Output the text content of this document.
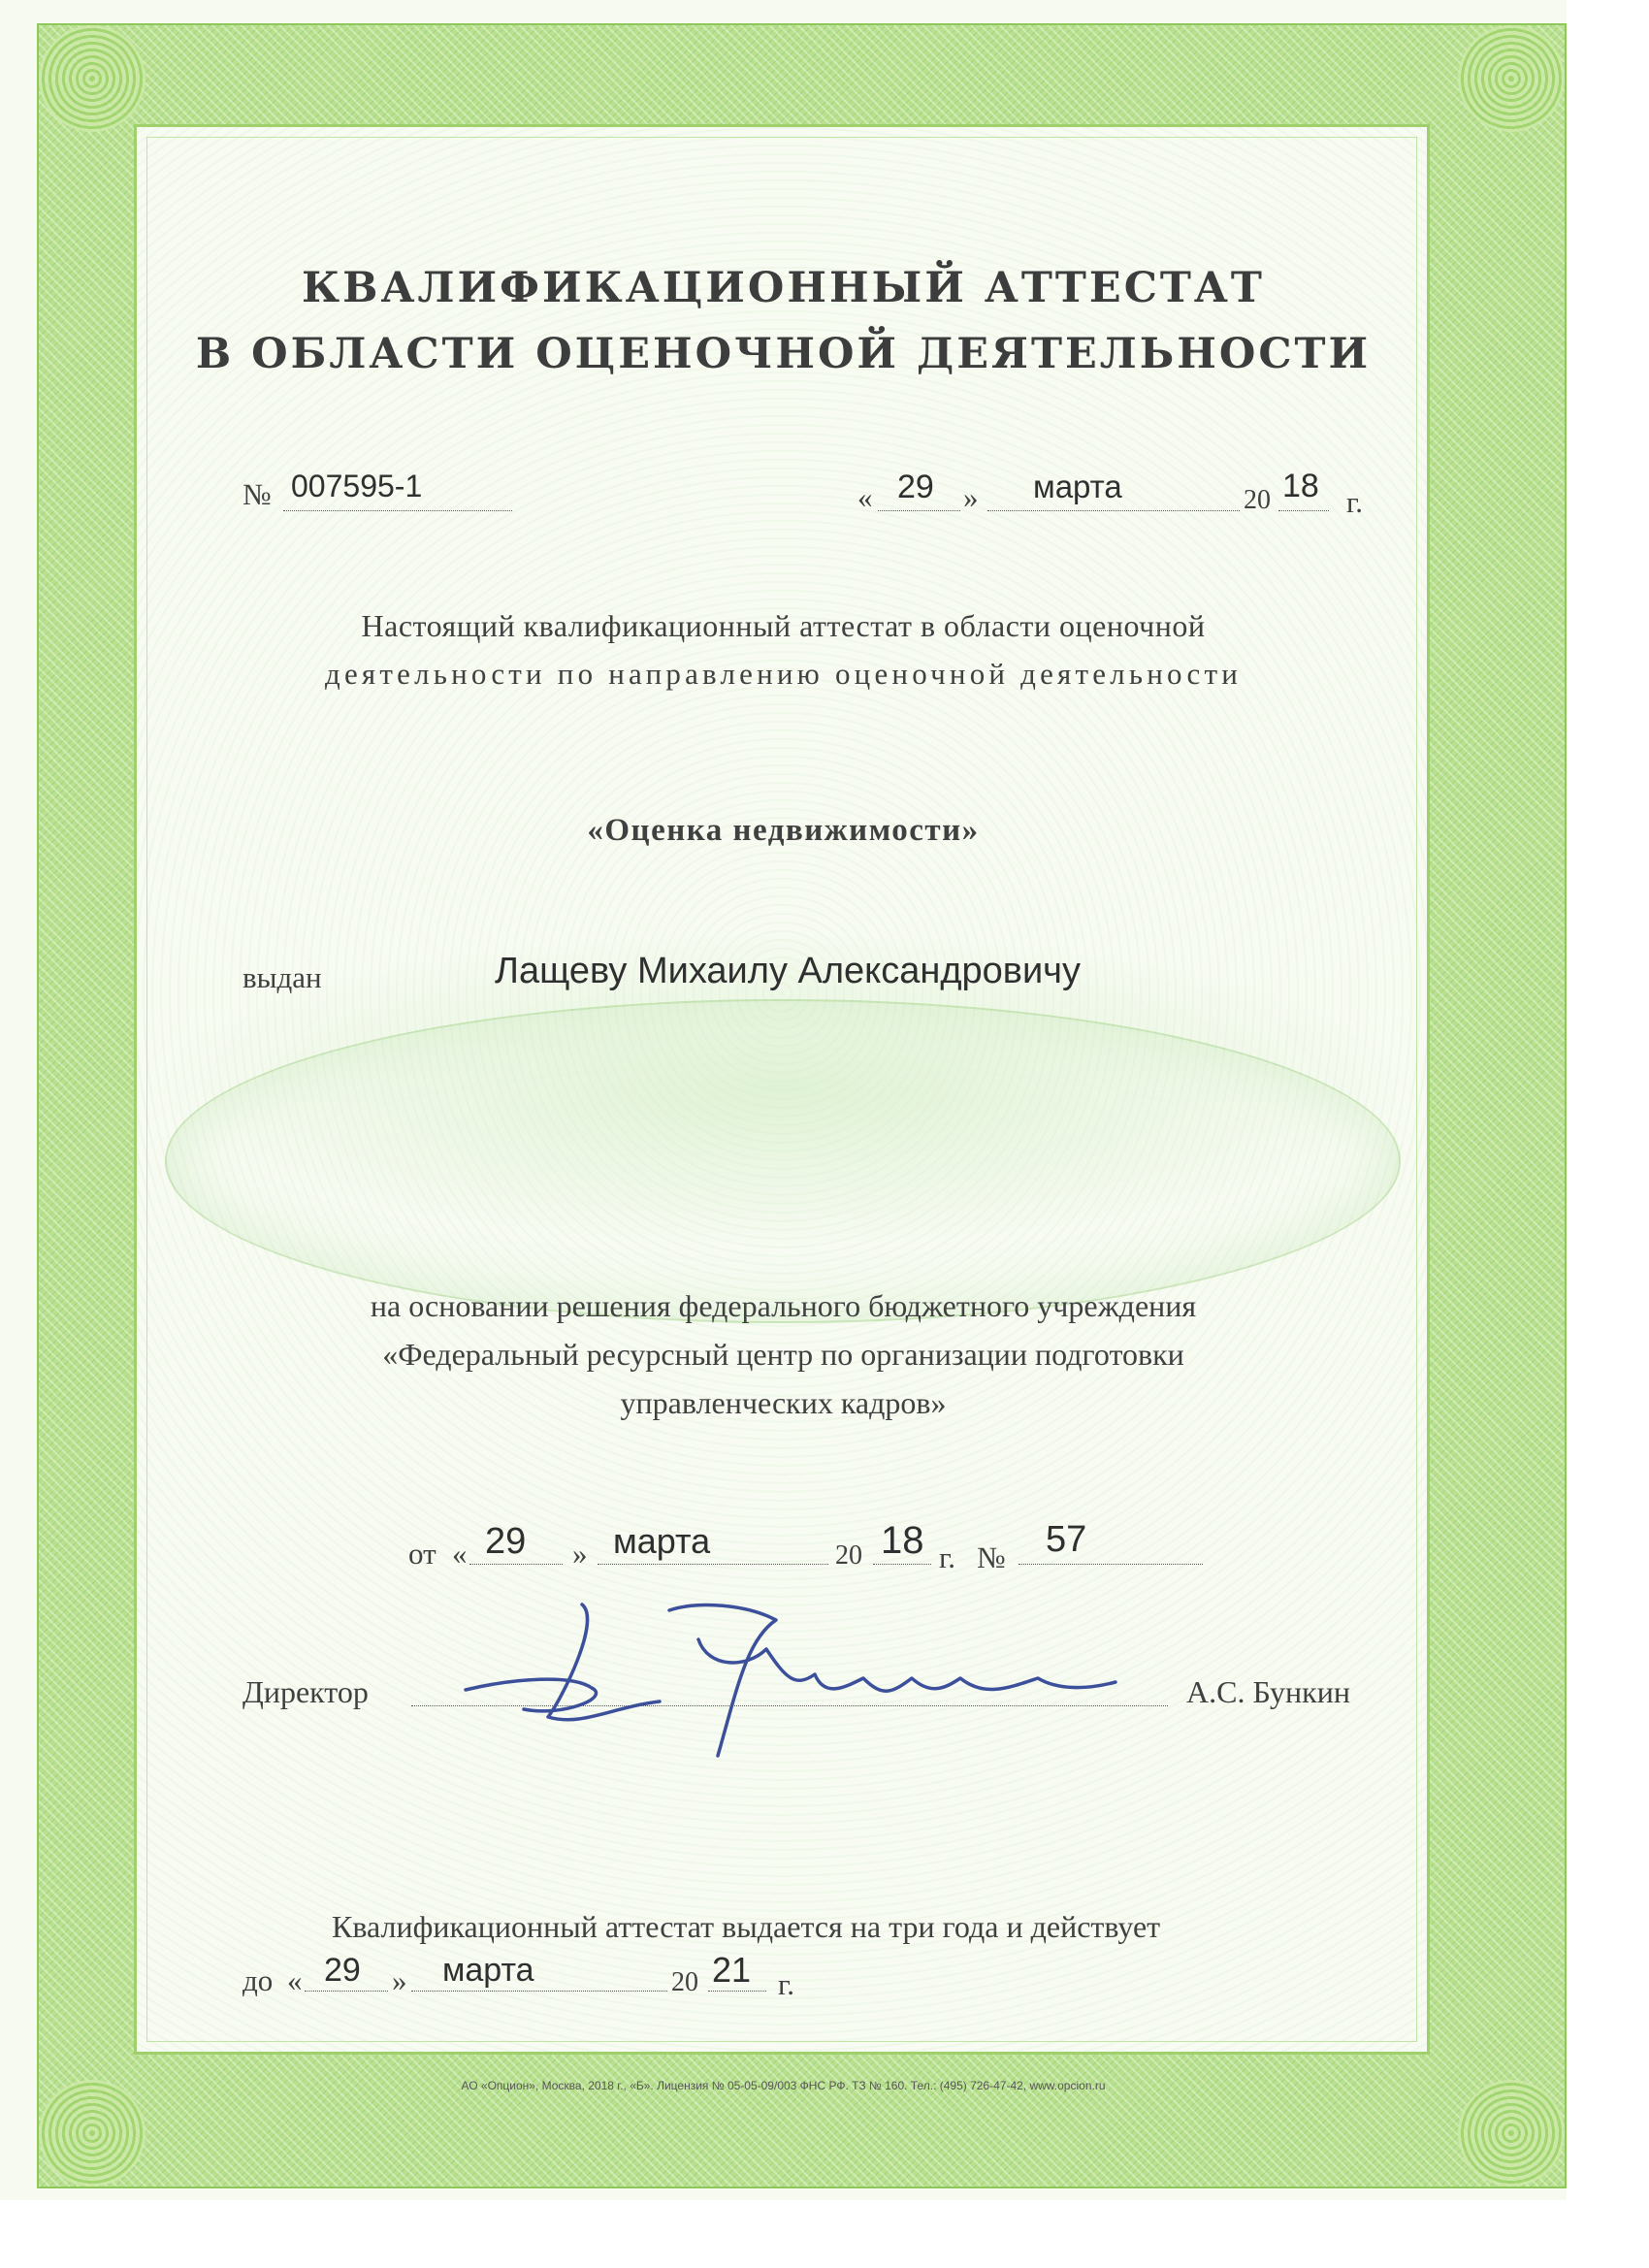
КВАЛИФИКАЦИОННЫЙ АТТЕСТАТ
В ОБЛАСТИ ОЦЕНОЧНОЙ ДЕЯТЕЛЬНОСТИ
№ 007595-1	« 29 » марта	20 18 г.
Настоящий квалификационный аттестат в области оценочной
деятельности по направлению оценочной деятельности
«Оценка недвижимости»
выдан	Лащеву Михаилу Александровичу
на основании решения федерального бюджетного учреждения
«Федеральный ресурсный центр по организации подготовки
управленческих кадров»
от « 29 » марта	20 18 г. № 57
Директор	А.С. Бункин
Квалификационный аттестат выдается на три года и действует
до « 29 » марта	20 21 г.
АО «Опцион», Москва, 2018 г., «Б». Лицензия № 05-05-09/003 ФНС РФ. ТЗ № 160. Тел.: (495) 726-47-42, www.opcion.ru
